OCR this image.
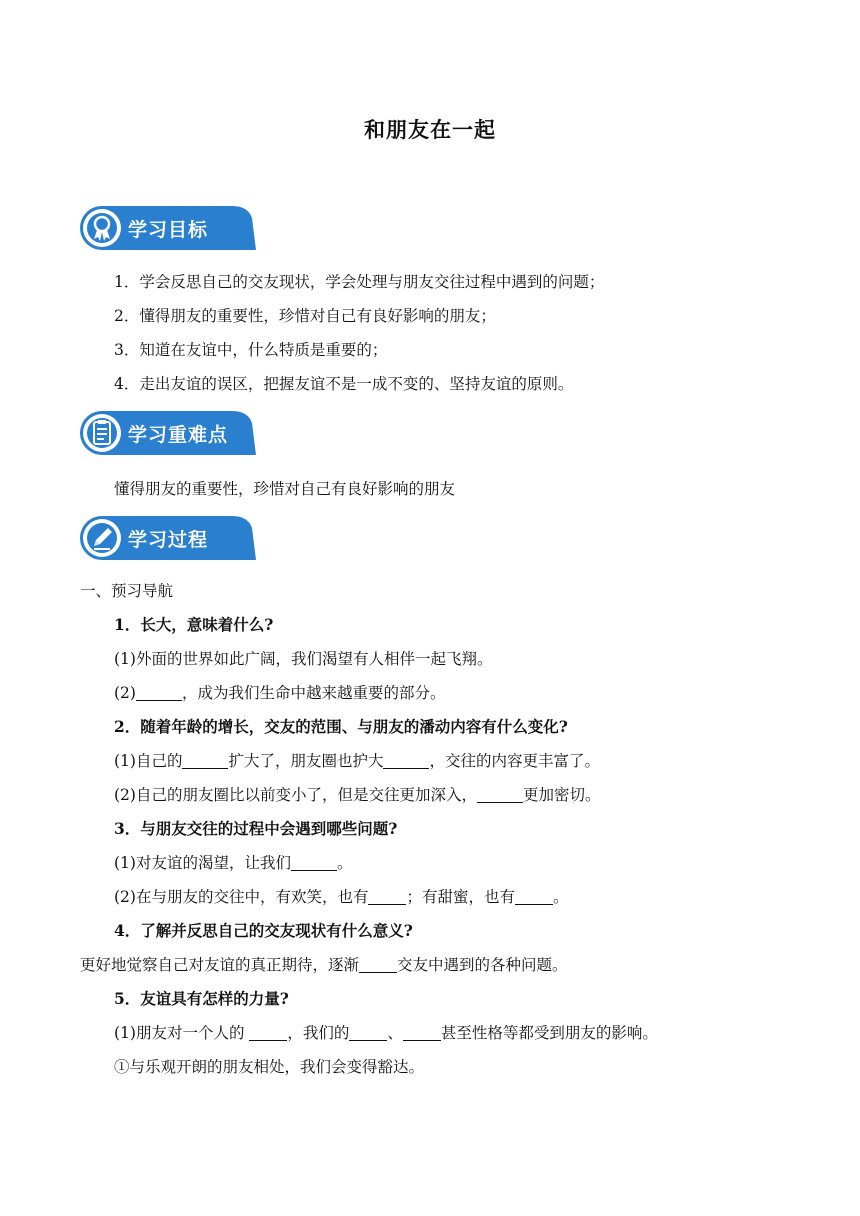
和朋友在一起
学习目标
1．学会反思自己的交友现状，学会处理与朋友交往过程中遇到的问题；
2．懂得朋友的重要性，珍惜对自己有良好影响的朋友；
3．知道在友谊中，什么特质是重要的；
4．走出友谊的误区，把握友谊不是一成不变的、坚持友谊的原则。
学习重难点
懂得朋友的重要性，珍惜对自己有良好影响的朋友
学习过程
一、预习导航
1．长大，意味着什么?
(1)外面的世界如此广阔，我们渴望有人相伴一起飞翔。
(2)	，成为我们生命中越来越重要的部分。
2．随着年龄的增长，交友的范围、与朋友的潘动内容有什么变化?
(1)自己的	扩大了，朋友圈也护大	，交往的内容更丰富了。
(2)自己的朋友圈比以前变小了，但是交往更加深入，	更加密切。
3．与朋友交往的过程中会遇到哪些问题?
(1)对友谊的渴望，让我们	。
(2)在与朋友的交往中，有欢笑，也有 ；有甜蜜，也有 。
4．了解并反思自己的交友现状有什么意义?
更好地觉察自己对友谊的真正期待，逐渐 交友中遇到的各种问题。
5．友谊具有怎样的力量?
(1)朋友对一个人的 ，我们的 、 甚至性格等都受到朋友的影响。
①与乐观开朗的朋友相处，我们会变得豁达。
